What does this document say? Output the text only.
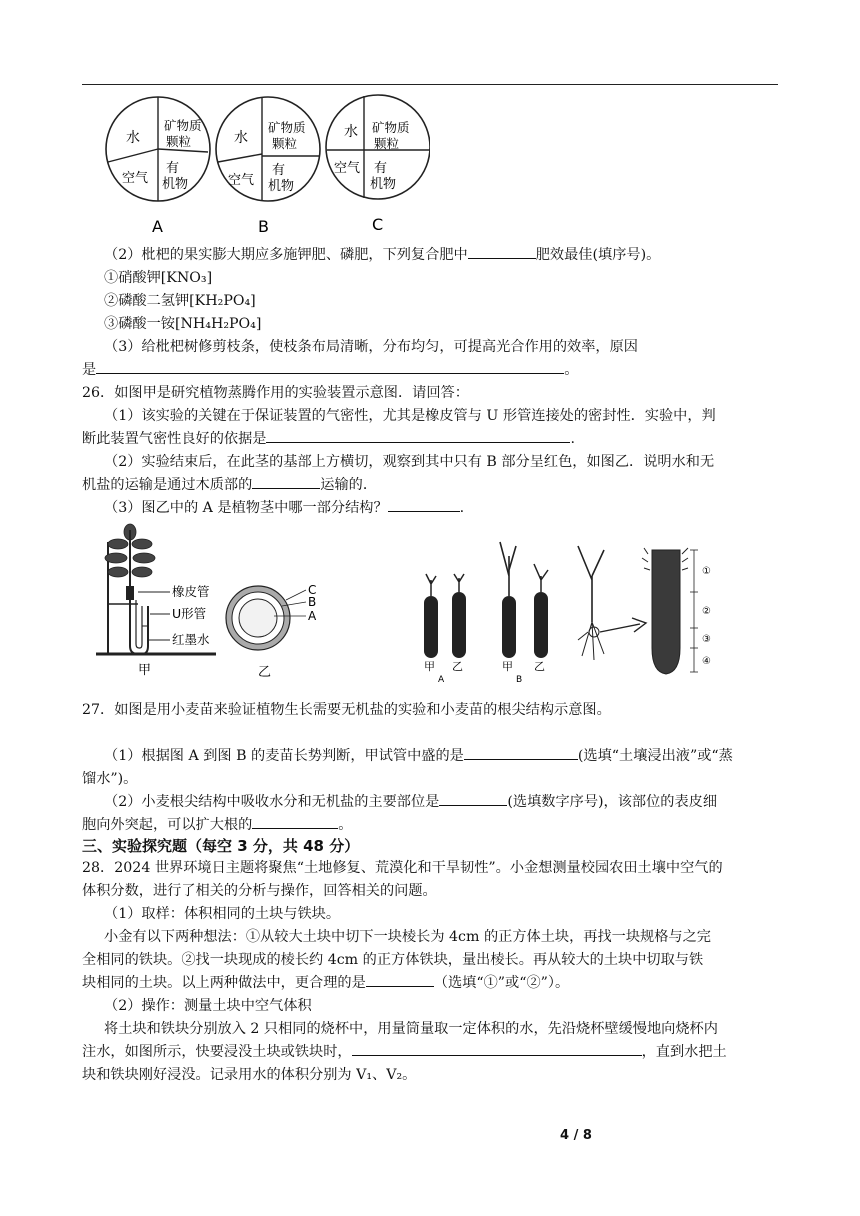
水
矿物质
颗粒
空气
有
机物
A
水
矿物质
颗粒
空气
有
机物
B
水 矿物质
颗粒
空气 有
机物
C
（2）枇杷的果实膨大期应多施钾肥、磷肥，下列复合肥中	肥效最佳(填序号)。
①硝酸钾[KNO₃]
②磷酸二氢钾[KH₂PO₄]
③磷酸一铵[NH₄H₂PO₄]
（3）给枇杷树修剪枝条，使枝条布局清晰，分布均匀，可提高光合作用的效率，原因
是	。
26．如图甲是研究植物蒸腾作用的实验装置示意图．请回答：
（1）该实验的关键在于保证装置的气密性，尤其是橡皮管与 U 形管连接处的密封性．实验中，判
断此装置气密性良好的依据是	.
（2）实验结束后，在此茎的基部上方横切，观察到其中只有 B 部分呈红色，如图乙．说明水和无
机盐的运输是通过木质部的	运输的．
（3）图乙中的 A 是植物茎中哪一部分结构？	.
橡皮管
U形管
红墨水
甲
C
B
A
乙	甲 乙
A
甲 乙
B
①
②
③
④
27．如图是用小麦苗来验证植物生长需要无机盐的实验和小麦苗的根尖结构示意图。
（1）根据图 A 到图 B 的麦苗长势判断，甲试管中盛的是	(选填“土壤浸出液”或“蒸
馏水”)。
（2）小麦根尖结构中吸收水分和无机盐的主要部位是	(选填数字序号)，该部位的表皮细
胞向外突起，可以扩大根的	。
三、实验探究题（每空 3 分，共 48 分）
28．2024 世界环境日主题将聚焦“土地修复、荒漠化和干旱韧性”。小金想测量校园农田土壤中空气的
体积分数，进行了相关的分析与操作，回答相关的问题。
（1）取样：体积相同的土块与铁块。
小金有以下两种想法：①从较大土块中切下一块棱长为 4cm 的正方体土块，再找一块规格与之完
全相同的铁块。②找一块现成的棱长约 4cm 的正方体铁块，量出棱长。再从较大的土块中切取与铁
块相同的土块。以上两种做法中，更合理的是	（选填“①”或“②”）。
（2）操作：测量土块中空气体积
将土块和铁块分别放入 2 只相同的烧杯中，用量筒量取一定体积的水，先沿烧杯壁缓慢地向烧杯内
注水，如图所示，快要浸没土块或铁块时，	，直到水把土
块和铁块刚好浸没。记录用水的体积分别为 V₁、V₂。
4 / 8
